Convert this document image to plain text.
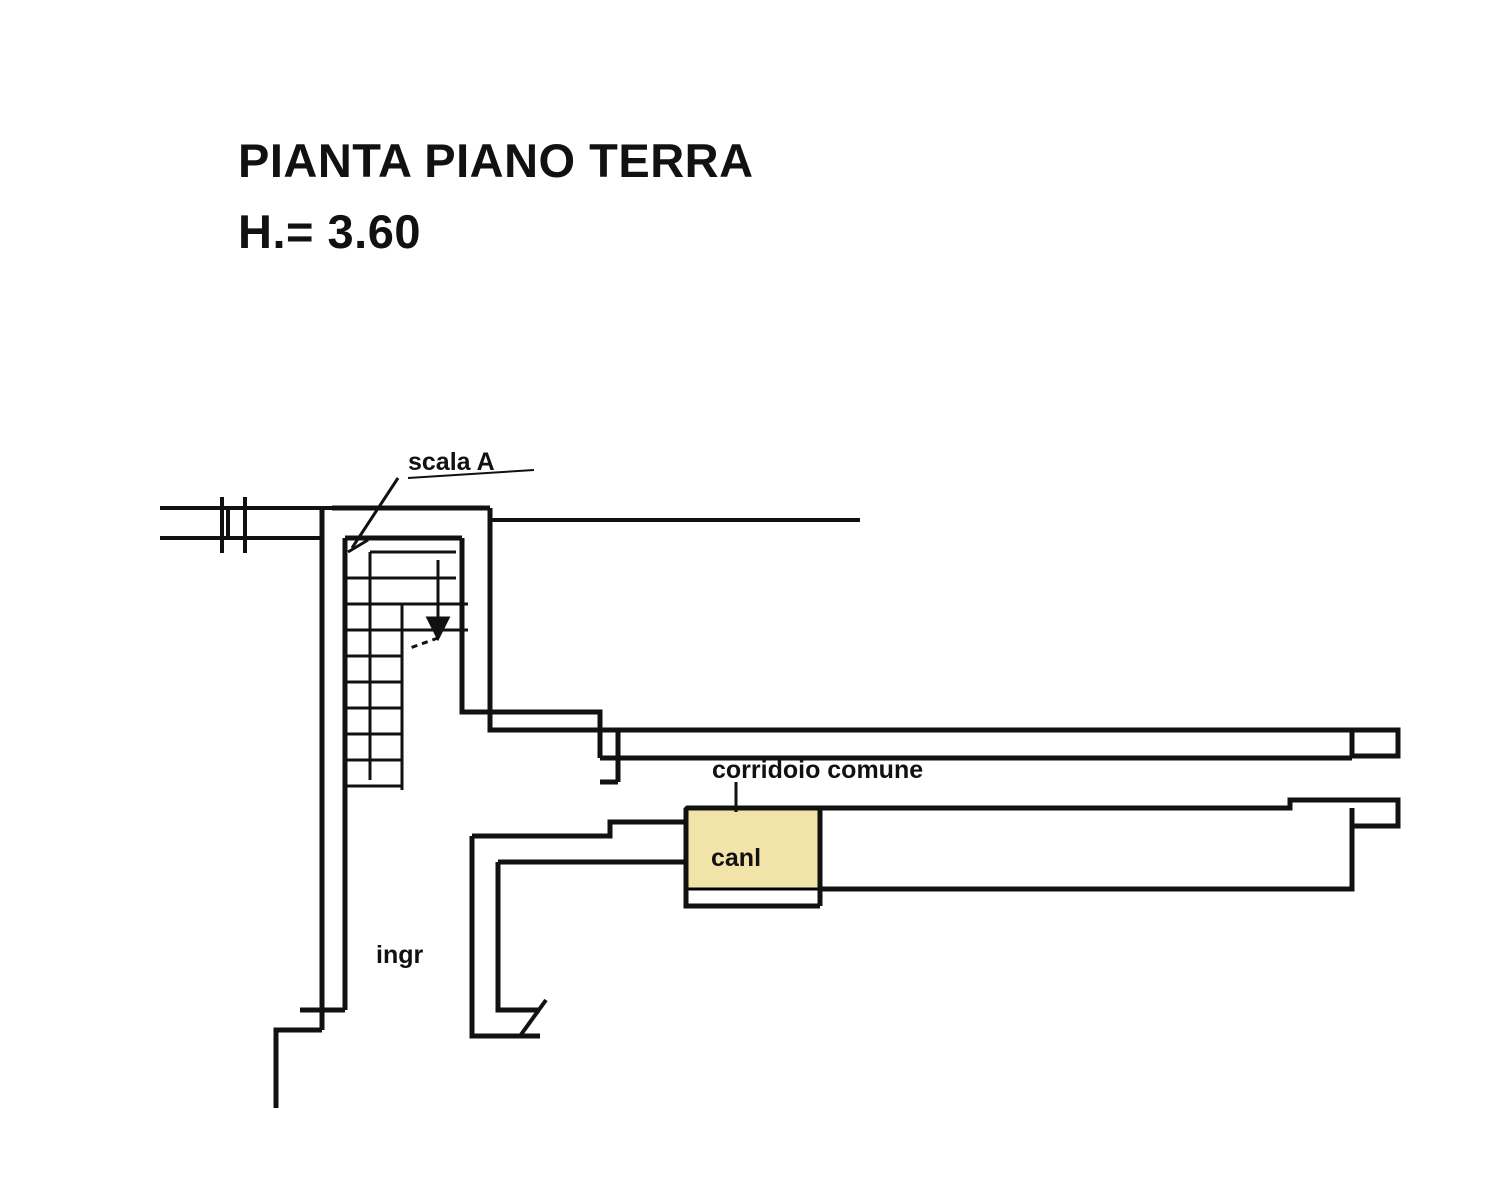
PIANTA PIANO TERRA
H.= 3.60
scala A
corridoio comune
canl
ingr
